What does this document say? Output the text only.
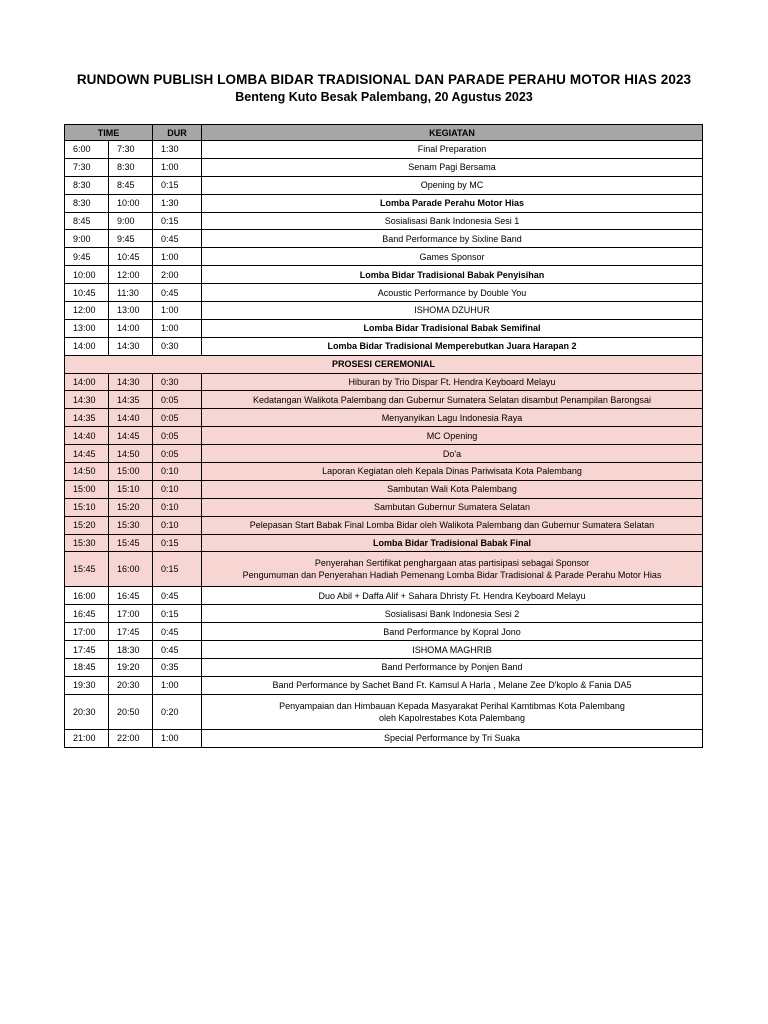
RUNDOWN PUBLISH LOMBA BIDAR TRADISIONAL DAN PARADE PERAHU MOTOR HIAS 2023
Benteng Kuto Besak Palembang, 20 Agustus 2023
TIME		DUR	KEGIATAN
6:00	7:30	1:30	Final Preparation
7:30	8:30	1:00	Senam Pagi Bersama
8:30	8:45	0:15	Opening by MC
8:30	10:00	1:30	Lomba Parade Perahu Motor Hias
8:45	9:00	0:15	Sosialisasi Bank Indonesia Sesi 1
9:00	9:45	0:45	Band Performance by Sixline Band
9:45	10:45	1:00	Games Sponsor
10:00	12:00	2:00	Lomba Bidar Tradisional Babak Penyisihan
10:45	11:30	0:45	Acoustic Performance by Double You
12:00	13:00	1:00	ISHOMA DZUHUR
13:00	14:00	1:00	Lomba Bidar Tradisional Babak Semifinal
14:00	14:30	0:30	Lomba Bidar Tradisional Memperebutkan Juara Harapan 2
PROSESI CEREMONIAL			
14:00	14:30	0:30	Hiburan by Trio Dispar Ft. Hendra Keyboard Melayu
14:30	14:35	0:05	Kedatangan Walikota Palembang dan Gubernur Sumatera Selatan disambut Penampilan Barongsai
14:35	14:40	0:05	Menyanyikan Lagu Indonesia Raya
14:40	14:45	0:05	MC Opening
14:45	14:50	0:05	Do'a
14:50	15:00	0:10	Laporan Kegiatan oleh Kepala Dinas Pariwisata Kota Palembang
15:00	15:10	0:10	Sambutan Wali Kota Palembang
15:10	15:20	0:10	Sambutan Gubernur Sumatera Selatan
15:20	15:30	0:10	Pelepasan Start Babak Final Lomba Bidar oleh Walikota Palembang dan Gubernur Sumatera Selatan
15:30	15:45	0:15	Lomba Bidar Tradisional Babak Final
15:45	16:00	0:15	Penyerahan Sertifikat penghargaan atas partisipasi sebagai Sponsor
Pengumuman dan Penyerahan Hadiah Pemenang Lomba Bidar Tradisional & Parade Perahu Motor Hias

16:00	16:45	0:45	Duo Abil + Daffa Alif + Sahara Dhristy Ft. Hendra Keyboard Melayu
16:45	17:00	0:15	Sosialisasi Bank Indonesia Sesi 2
17:00	17:45	0:45	Band Performance by Kopral Jono
17:45	18:30	0:45	ISHOMA MAGHRIB
18:45	19:20	0:35	Band Performance by Ponjen Band
19:30	20:30	1:00	Band Performance by Sachet Band Ft. Kamsul A Harla , Melane Zee D'koplo & Fania DA5
20:30	20:50	0:20	Penyampaian dan Himbauan Kepada Masyarakat Perihal Kamtibmas Kota Palembang
oleh Kapolrestabes Kota Palembang

21:00	22:00	1:00	Special Performance by Tri Suaka
